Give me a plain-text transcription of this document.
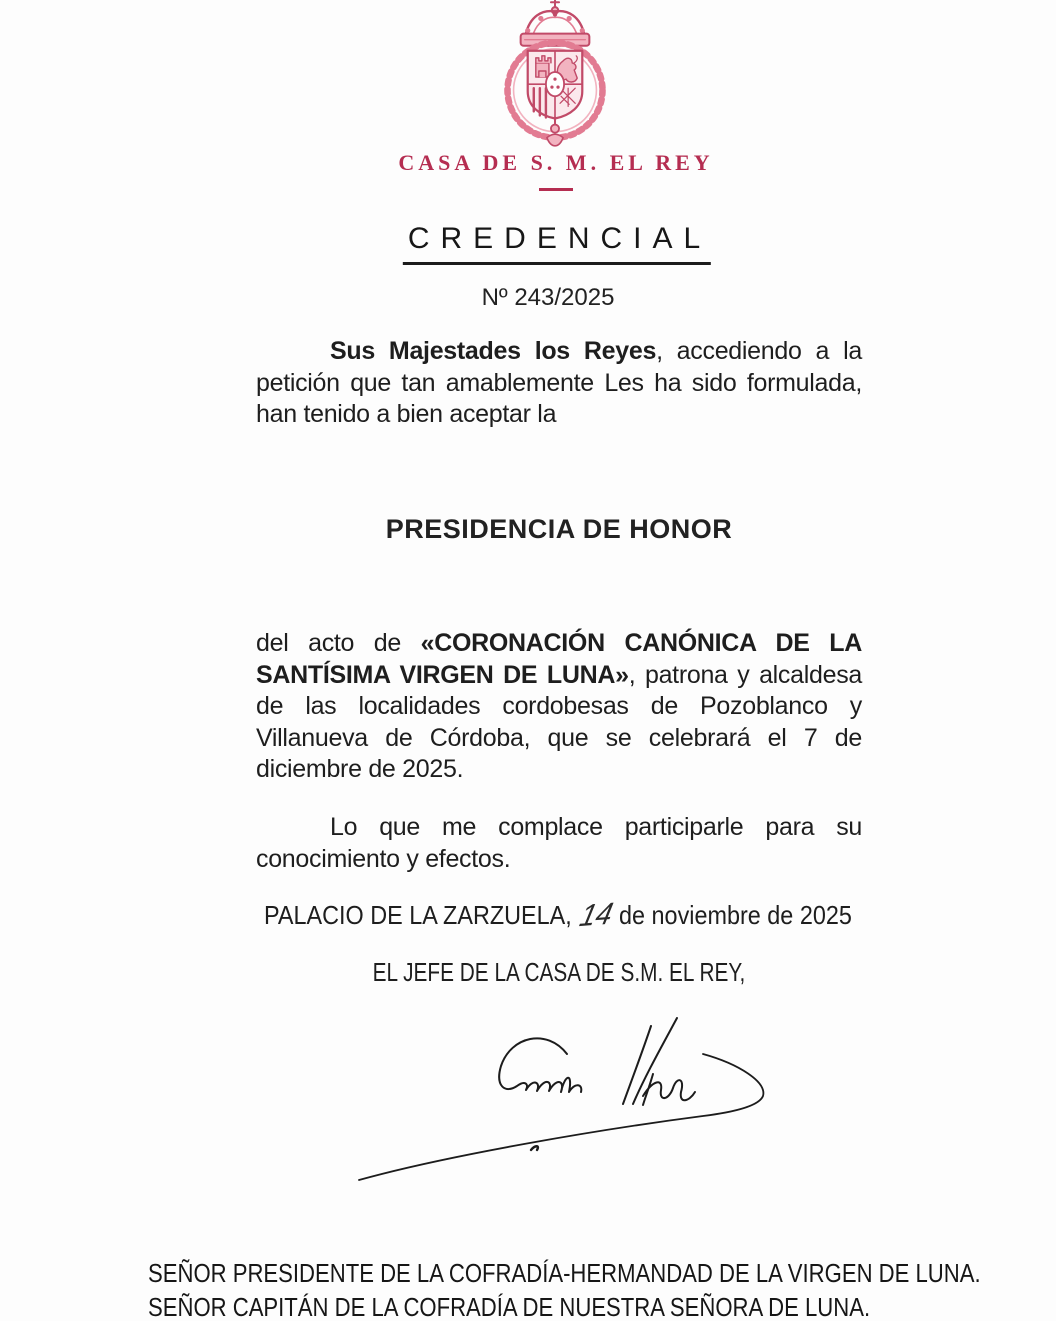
CASA DE S. M. EL REY
CREDENCIAL
Nº 243/2025

Sus Majestades los Reyes, accediendo a la petición que tan amablemente Les ha sido formulada, han tenido a bien aceptar la

PRESIDENCIA DE HONOR

del acto de «CORONACIÓN CANÓNICA DE LA SANTÍSIMA VIRGEN DE LUNA», patrona y alcaldesa de las localidades cordobesas de Pozoblanco y Villanueva de Córdoba, que se celebrará el 7 de diciembre de 2025.

Lo que me complace participarle para su conocimiento y efectos.

PALACIO DE LA ZARZUELA, 14 de noviembre de 2025
EL JEFE DE LA CASA DE S.M. EL REY,
SEÑOR PRESIDENTE DE LA COFRADÍA-HERMANDAD DE LA VIRGEN DE LUNA.
SEÑOR CAPITÁN DE LA COFRADÍA DE NUESTRA SEÑORA DE LUNA.
